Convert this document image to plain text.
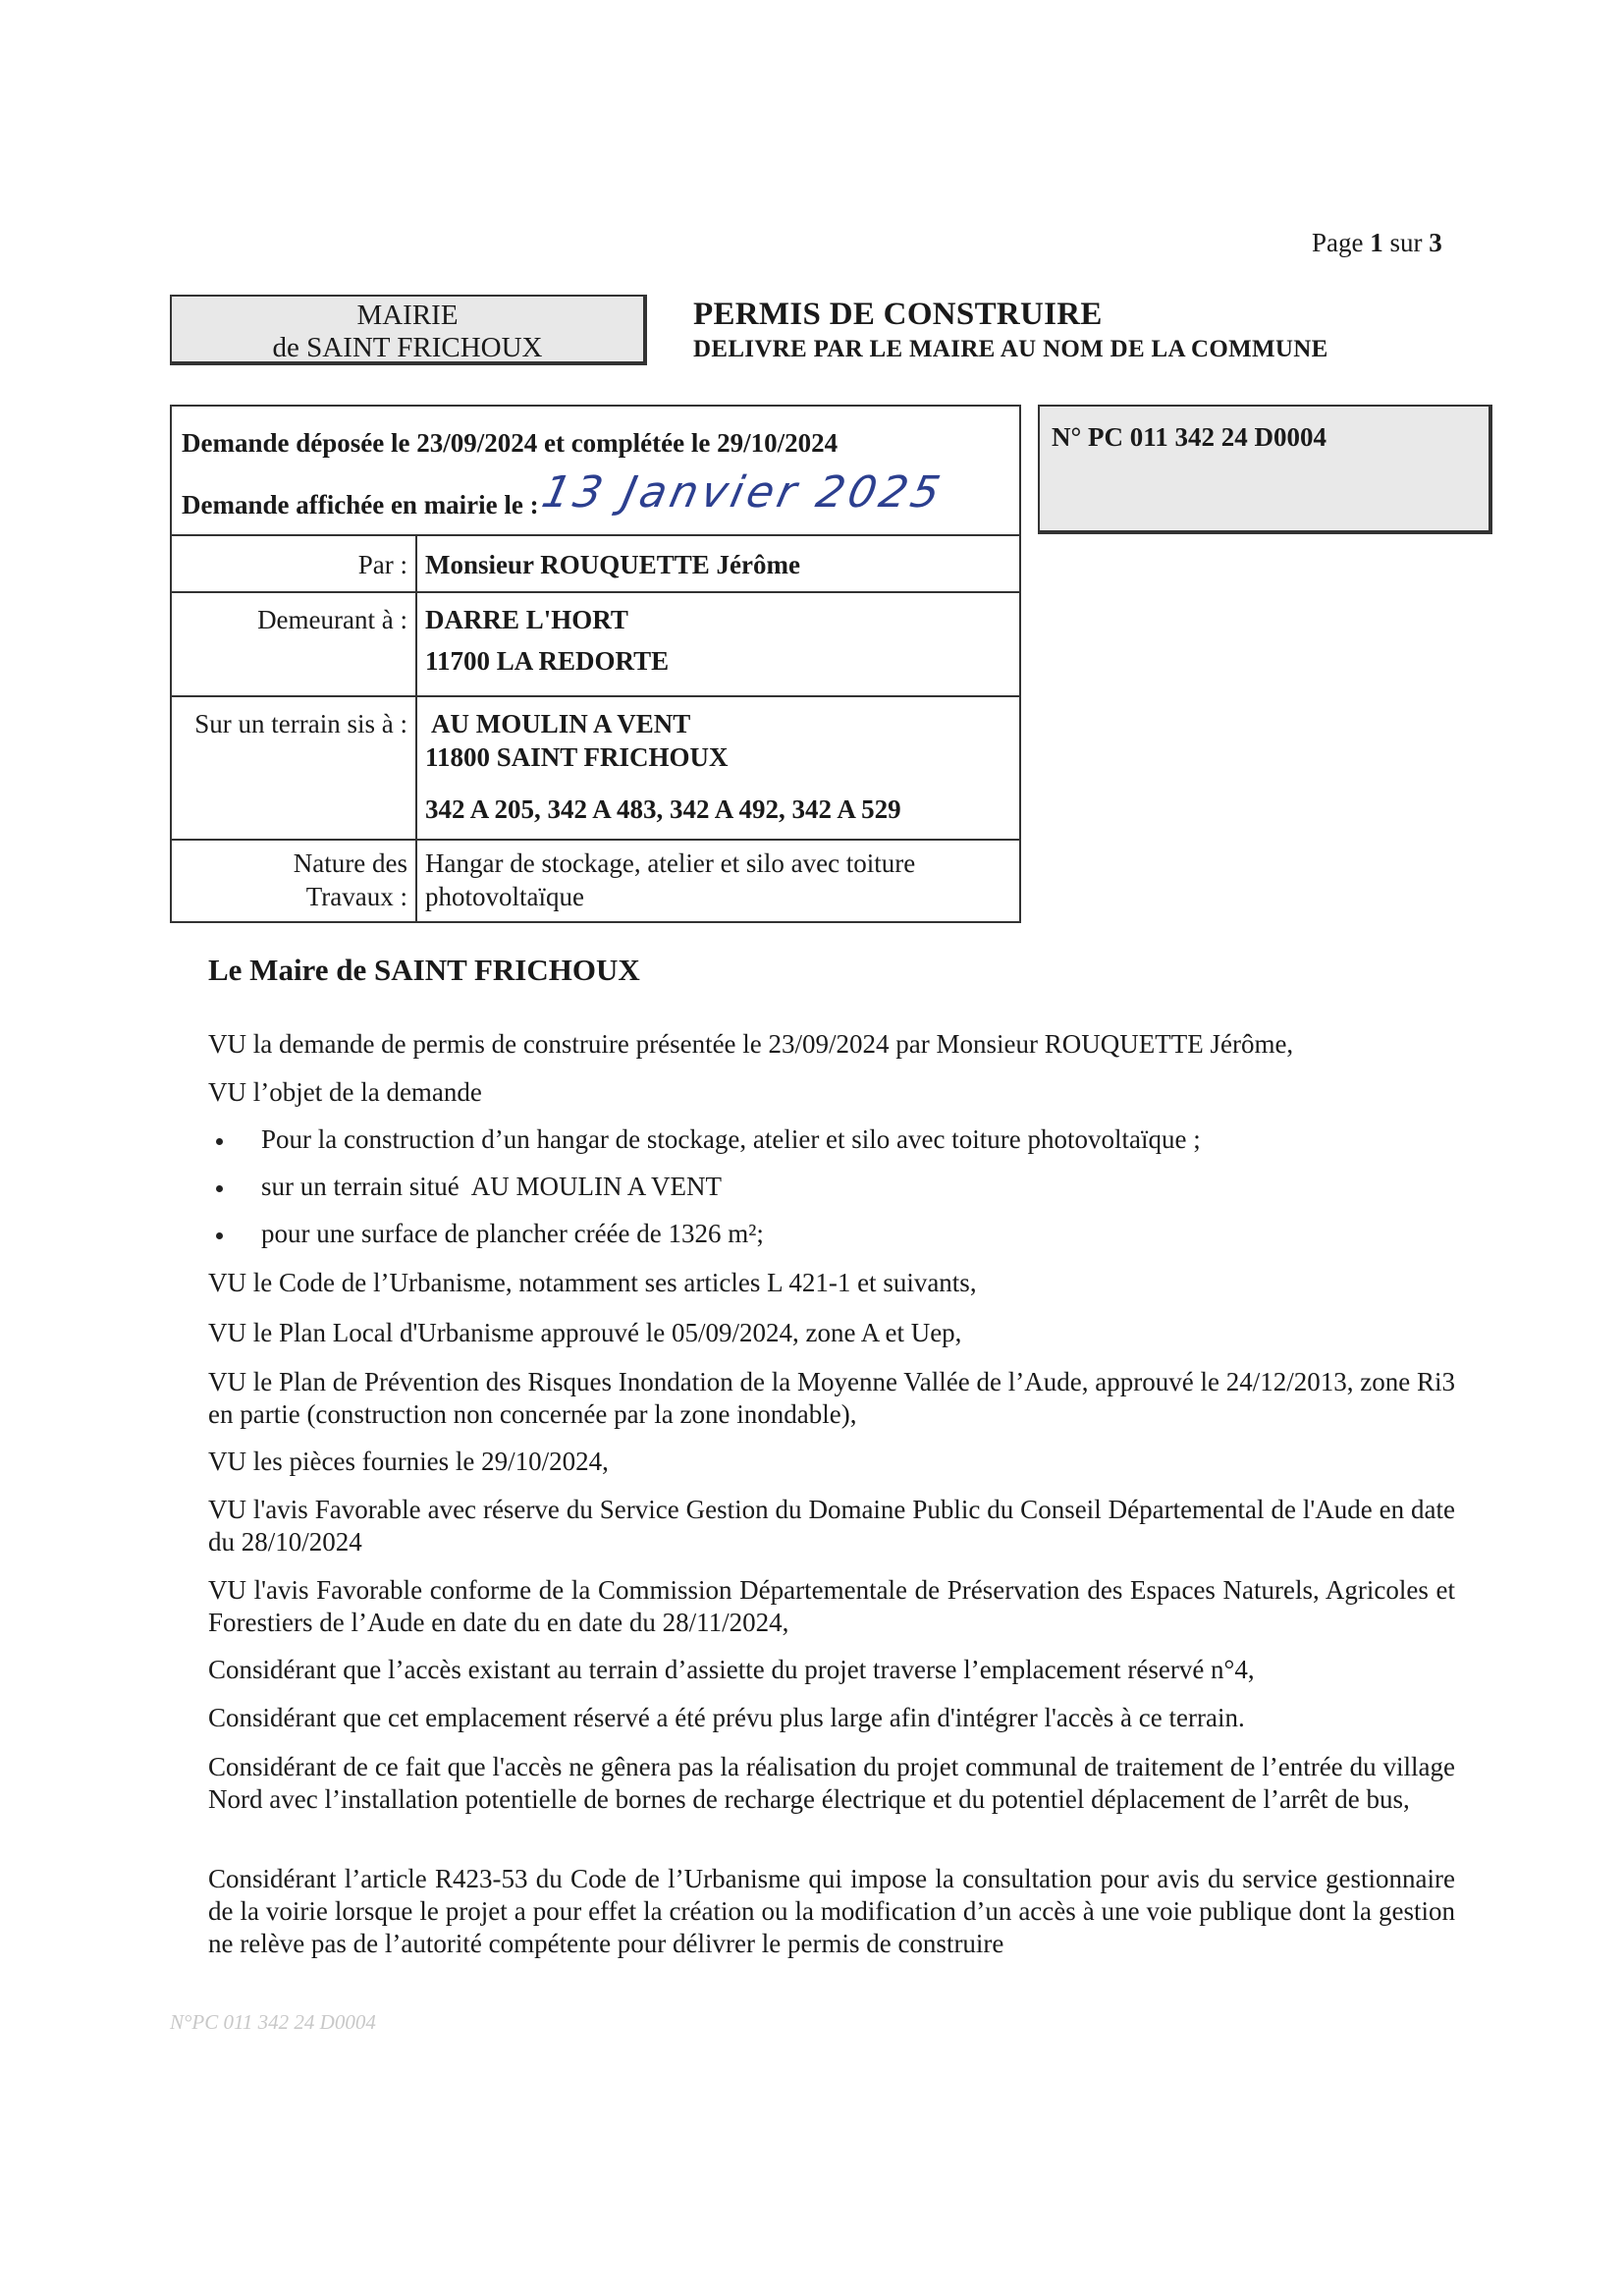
Page 1 sur 3
MAIRIE
de SAINT FRICHOUX
PERMIS DE CONSTRUIRE
DELIVRE PAR LE MAIRE AU NOM DE LA COMMUNE
N° PC 011 342 24 D0004
Demande déposée le 23/09/2024 et complétée le 29/10/2024
Demande affichée en mairie le :
13 Janvier 2025
Par : Monsieur ROUQUETTE Jérôme
Demeurant à : DARRE L'HORT
11700 LA REDORTE
Sur un terrain sis à : AU MOULIN A VENT
11800 SAINT FRICHOUX
342 A 205, 342 A 483, 342 A 492, 342 A 529
Nature des
Travaux :
Hangar de stockage, atelier et silo avec toiture
photovoltaïque
Le Maire de SAINT FRICHOUX
VU la demande de permis de construire présentée le 23/09/2024 par Monsieur ROUQUETTE Jérôme,
VU l’objet de la demande
Pour la construction d’un hangar de stockage, atelier et silo avec toiture photovoltaïque ;
sur un terrain situé  AU MOULIN A VENT
pour une surface de plancher créée de 1326 m²;
VU le Code de l’Urbanisme, notamment ses articles L 421-1 et suivants,
VU le Plan Local d'Urbanisme approuvé le 05/09/2024, zone A et Uep,
VU le Plan de Prévention des Risques Inondation de la Moyenne Vallée de l’Aude, approuvé le 24/12/2013, zone Ri3 en partie (construction non concernée par la zone inondable),
VU les pièces fournies le 29/10/2024,
VU l'avis Favorable avec réserve du Service Gestion du Domaine Public du Conseil Départemental de l'Aude en date du 28/10/2024
VU l'avis Favorable conforme de la Commission Départementale de Préservation des Espaces Naturels, Agricoles et Forestiers de l’Aude en date du en date du 28/11/2024,
Considérant que l’accès existant au terrain d’assiette du projet traverse l’emplacement réservé n°4,
Considérant que cet emplacement réservé a été prévu plus large afin d'intégrer l'accès à ce terrain.
Considérant de ce fait que l'accès ne gênera pas la réalisation du projet communal de traitement de l’entrée du village Nord avec l’installation potentielle de bornes de recharge électrique et du potentiel déplacement de l’arrêt de bus,
Considérant l’article R423-53 du Code de l’Urbanisme qui impose la consultation pour avis du service gestionnaire de la voirie lorsque le projet a pour effet la création ou la modification d’un accès à une voie publique dont la gestion ne relève pas de l’autorité compétente pour délivrer le permis de construire
N°PC 011 342 24 D0004
